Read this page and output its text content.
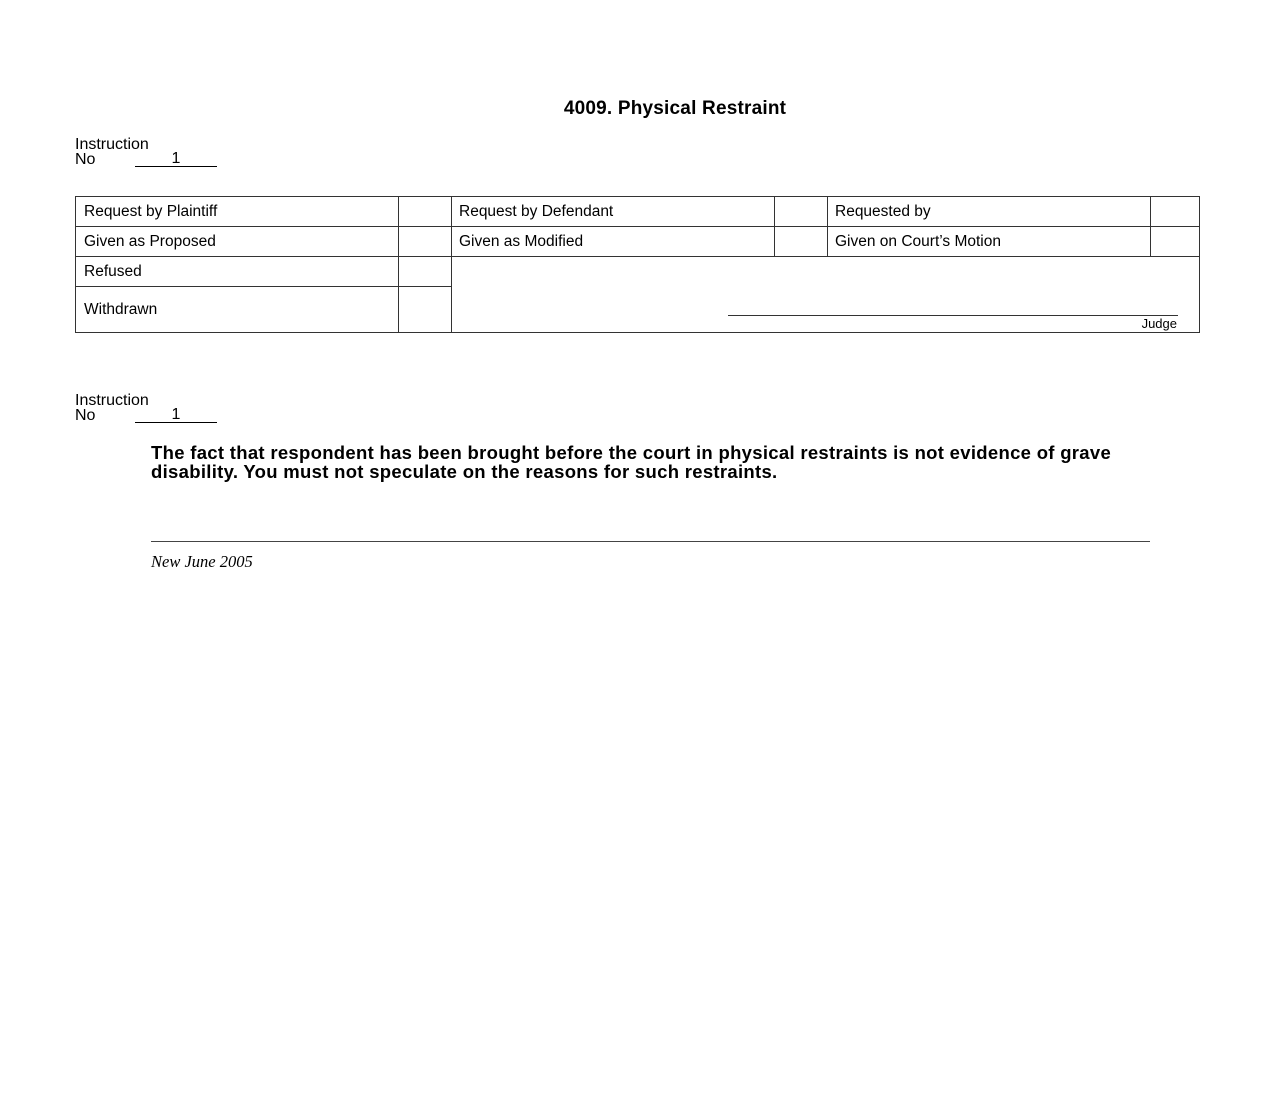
4009. Physical Restraint
Instruction
No	1
Request by Plaintiff	Request by Defendant	Requested by
Given as Proposed	Given as Modified	Given on Court’s Motion
Refused
Withdrawn
Judge
Instruction
No	1
The fact that respondent has been brought before the court in physical restraints is not evidence of grave disability. You must not speculate on the reasons for such restraints.
New June 2005
